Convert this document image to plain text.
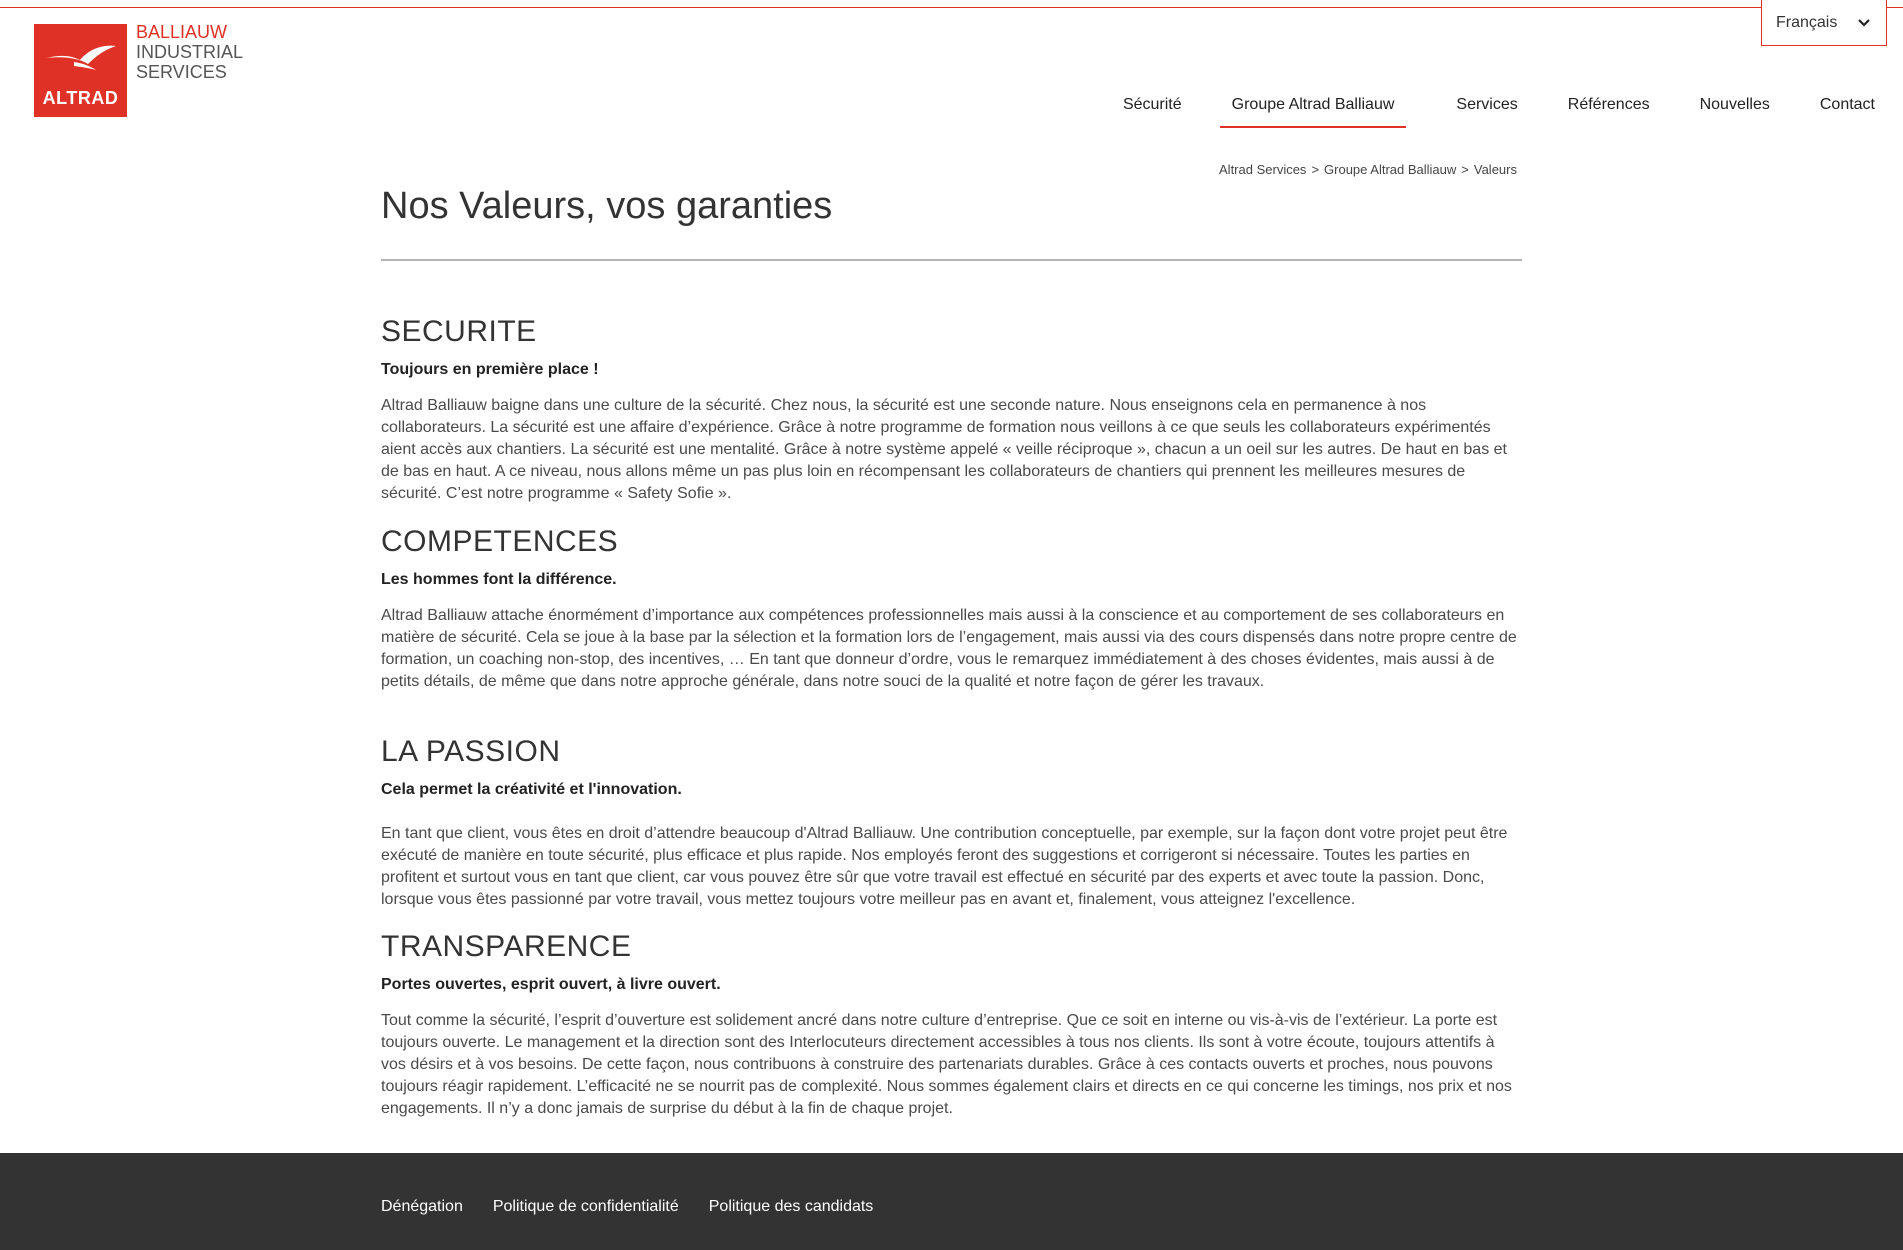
ALTRAD
BALLIAUW
INDUSTRIAL
SERVICES
Français
Sécurité	Groupe Altrad Balliauw	Services	Références	Nouvelles	Contact
Altrad Services > Groupe Altrad Balliauw > Valeurs
Nos Valeurs, vos garanties
SECURITE

Toujours en première place !

Altrad Balliauw baigne dans une culture de la sécurité. Chez nous, la sécurité est une seconde nature. Nous enseignons cela en permanence à nos collaborateurs. La sécurité est une affaire d’expérience. Grâce à notre programme de formation nous veillons à ce que seuls les collaborateurs expérimentés aient accès aux chantiers. La sécurité est une mentalité. Grâce à notre système appelé « veille réciproque », chacun a un oeil sur les autres. De haut en bas et de bas en haut. A ce niveau, nous allons même un pas plus loin en récompensant les collaborateurs de chantiers qui prennent les meilleures mesures de sécurité. C’est notre programme « Safety Sofie ».

COMPETENCES

Les hommes font la différence.

Altrad Balliauw attache énormément d’importance aux compétences professionnelles mais aussi à la conscience et au comportement de ses collaborateurs en matière de sécurité. Cela se joue à la base par la sélection et la formation lors de l’engagement, mais aussi via des cours dispensés dans notre propre centre de formation, un coaching non-stop, des incentives, … En tant que donneur d’ordre, vous le remarquez immédiatement à des choses évidentes, mais aussi à de petits détails, de même que dans notre approche générale, dans notre souci de la qualité et notre façon de gérer les travaux.

LA PASSION

Cela permet la créativité et l'innovation.

En tant que client, vous êtes en droit d’attendre beaucoup d'Altrad Balliauw. Une contribution conceptuelle, par exemple, sur la façon dont votre projet peut être exécuté de manière en toute sécurité, plus efficace et plus rapide. Nos employés feront des suggestions et corrigeront si nécessaire. Toutes les parties en profitent et surtout vous en tant que client, car vous pouvez être sûr que votre travail est effectué en sécurité par des experts et avec toute la passion. Donc, lorsque vous êtes passionné par votre travail, vous mettez toujours votre meilleur pas en avant et, finalement, vous atteignez l'excellence.

TRANSPARENCE

Portes ouvertes, esprit ouvert, à livre ouvert.

Tout comme la sécurité, l’esprit d’ouverture est solidement ancré dans notre culture d’entreprise. Que ce soit en interne ou vis-à-vis de l’extérieur. La porte est toujours ouverte. Le management et la direction sont des Interlocuteurs directement accessibles à tous nos clients. Ils sont à votre écoute, toujours attentifs à vos désirs et à vos besoins. De cette façon, nous contribuons à construire des partenariats durables. Grâce à ces contacts ouverts et proches, nous pouvons toujours réagir rapidement. L’efficacité ne se nourrit pas de complexité. Nous sommes également clairs et directs en ce qui concerne les timings, nos prix et nos engagements. Il n’y a donc jamais de surprise du début à la fin de chaque projet.

Dénégation Politique de confidentialité Politique des candidats
